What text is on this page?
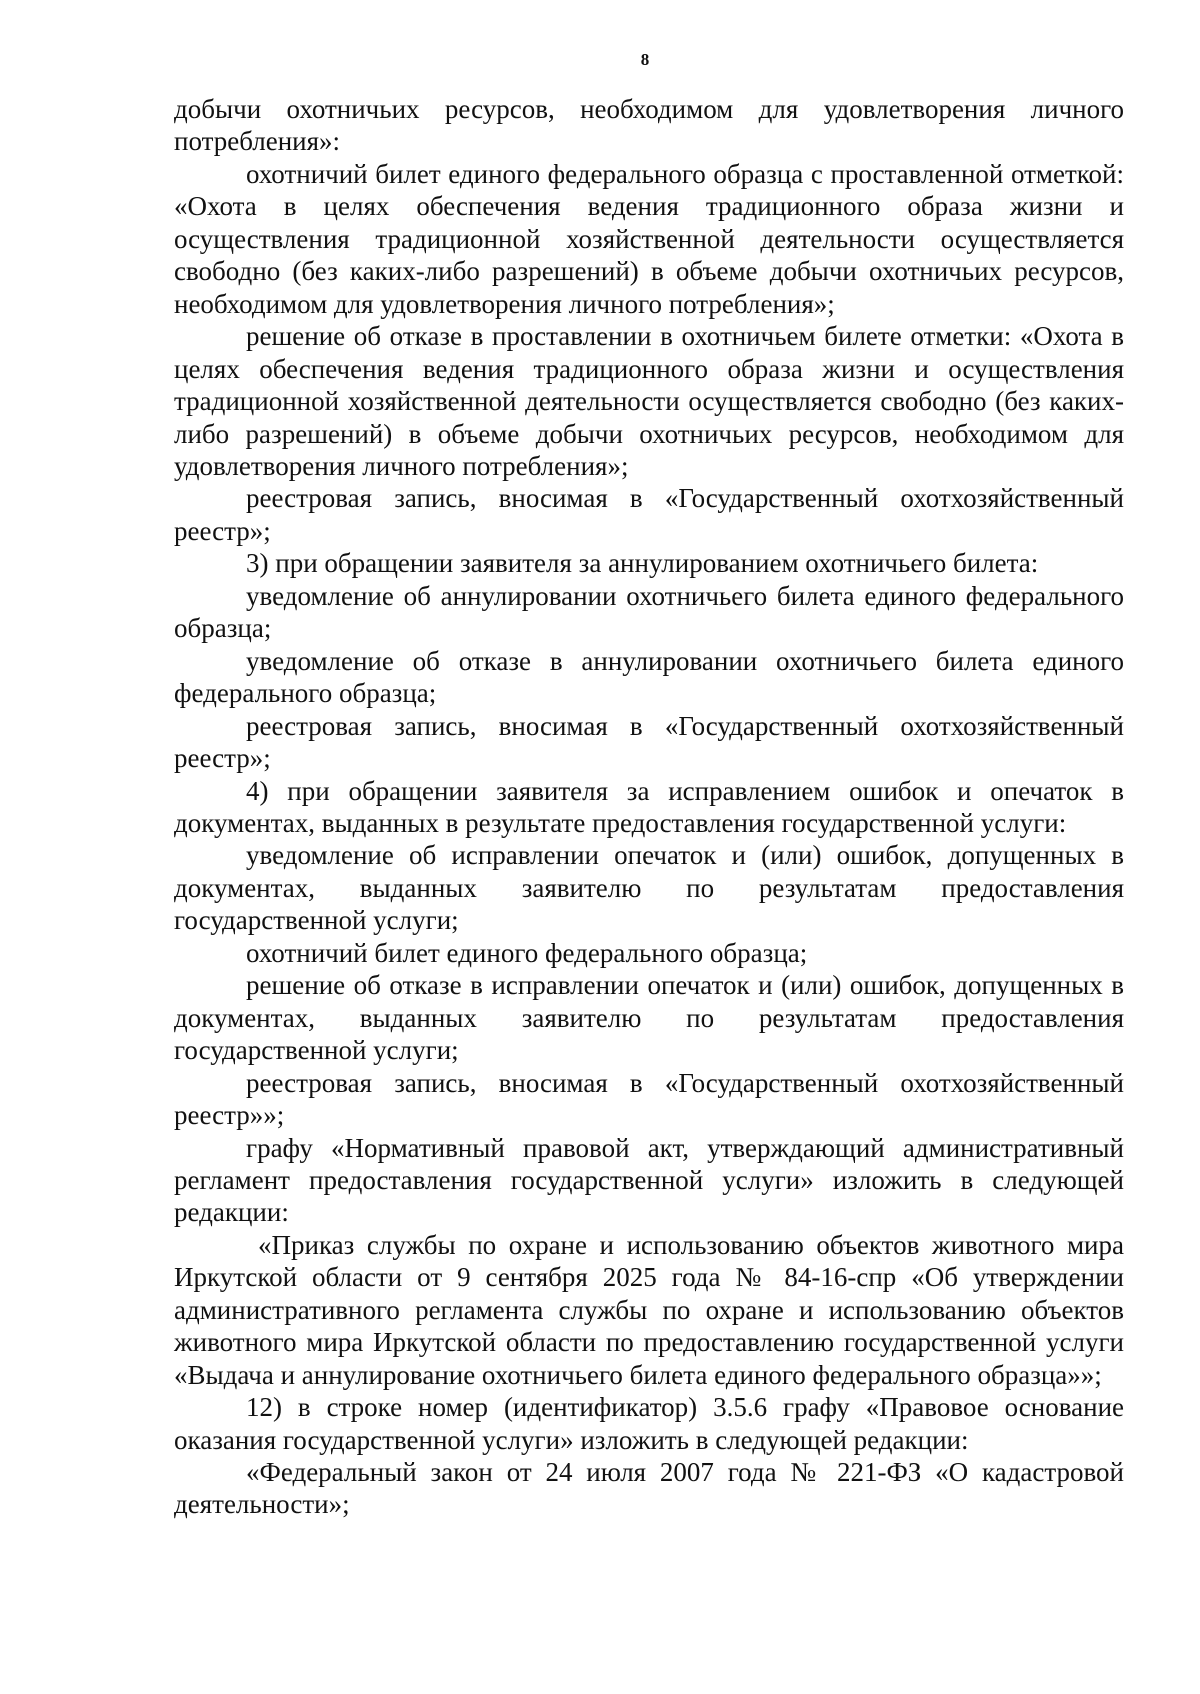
8

добычи охотничьих ресурсов, необходимом для удовлетворения личного потребления»:

охотничий билет единого федерального образца с проставленной отметкой: «Охота в целях обеспечения ведения традиционного образа жизни и осуществления традиционной хозяйственной деятельности осуществляется свободно (без каких-либо разрешений) в объеме добычи охотничьих ресурсов, необходимом для удовлетворения личного потребления»;

решение об отказе в проставлении в охотничьем билете отметки: «Охота в целях обеспечения ведения традиционного образа жизни и осуществления традиционной хозяйственной деятельности осуществляется свободно (без каких-либо разрешений) в объеме добычи охотничьих ресурсов, необходимом для удовлетворения личного потребления»;

реестровая запись, вносимая в «Государственный охотхозяйственный реестр»;

3) при обращении заявителя за аннулированием охотничьего билета:

уведомление об аннулировании охотничьего билета единого федерального образца;

уведомление об отказе в аннулировании охотничьего билета единого федерального образца;

реестровая запись, вносимая в «Государственный охотхозяйственный реестр»;

4) при обращении заявителя за исправлением ошибок и опечаток в документах, выданных в результате предоставления государственной услуги:

уведомление об исправлении опечаток и (или) ошибок, допущенных в документах, выданных заявителю по результатам предоставления государственной услуги;

охотничий билет единого федерального образца;

решение об отказе в исправлении опечаток и (или) ошибок, допущенных в документах, выданных заявителю по результатам предоставления государственной услуги;

реестровая запись, вносимая в «Государственный охотхозяйственный реестр»»;

графу «Нормативный правовой акт, утверждающий административный регламент предоставления государственной услуги» изложить в следующей редакции:

«Приказ службы по охране и использованию объектов животного мира Иркутской области от 9 сентября 2025 года № 84-16-спр «Об утверждении административного регламента службы по охране и использованию объектов животного мира Иркутской области по предоставлению государственной услуги «Выдача и аннулирование охотничьего билета единого федерального образца»»;

12) в строке номер (идентификатор) 3.5.6 графу «Правовое основание оказания государственной услуги» изложить в следующей редакции:

«Федеральный закон от 24 июля 2007 года № 221-ФЗ «О кадастровой деятельности»;
